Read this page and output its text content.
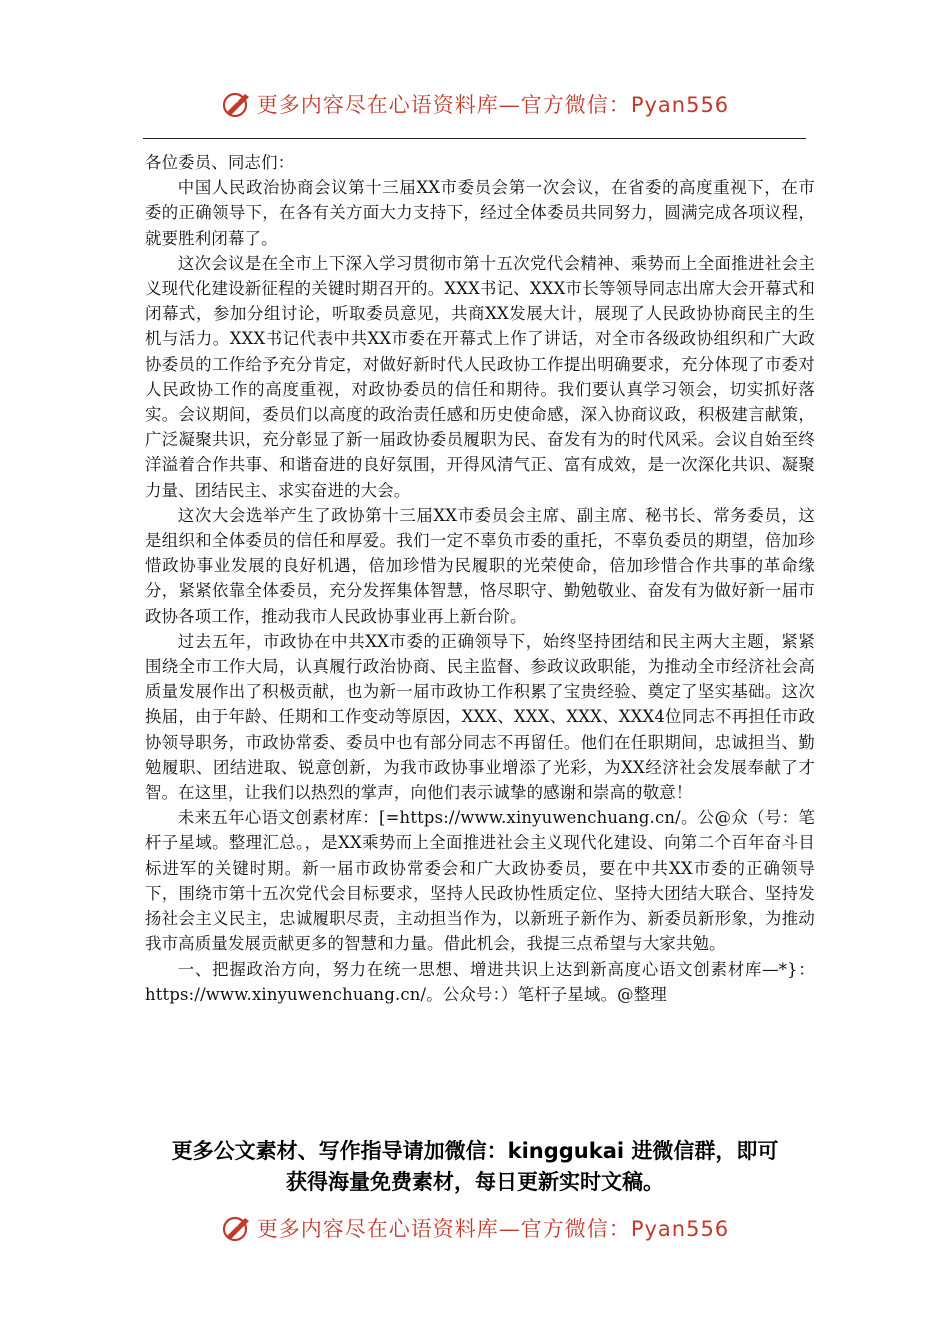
更多内容尽在心语资料库—官方微信：Pyan556

各位委员、同志们：

中国人民政治协商会议第十三届XX市委员会第一次会议，在省委的高度重视下，在市委的正确领导下，在各有关方面大力支持下，经过全体委员共同努力，圆满完成各项议程，就要胜利闭幕了。

这次会议是在全市上下深入学习贯彻市第十五次党代会精神、乘势而上全面推进社会主义现代化建设新征程的关键时期召开的。XXX书记、XXX市长等领导同志出席大会开幕式和闭幕式，参加分组讨论，听取委员意见，共商XX发展大计，展现了人民政协协商民主的生机与活力。XXX书记代表中共XX市委在开幕式上作了讲话，对全市各级政协组织和广大政协委员的工作给予充分肯定，对做好新时代人民政协工作提出明确要求，充分体现了市委对人民政协工作的高度重视，对政协委员的信任和期待。我们要认真学习领会，切实抓好落实。会议期间，委员们以高度的政治责任感和历史使命感，深入协商议政，积极建言献策，广泛凝聚共识，充分彰显了新一届政协委员履职为民、奋发有为的时代风采。会议自始至终洋溢着合作共事、和谐奋进的良好氛围，开得风清气正、富有成效，是一次深化共识、凝聚力量、团结民主、求实奋进的大会。

这次大会选举产生了政协第十三届XX市委员会主席、副主席、秘书长、常务委员，这是组织和全体委员的信任和厚爱。我们一定不辜负市委的重托，不辜负委员的期望，倍加珍惜政协事业发展的良好机遇，倍加珍惜为民履职的光荣使命，倍加珍惜合作共事的革命缘分，紧紧依靠全体委员，充分发挥集体智慧，恪尽职守、勤勉敬业、奋发有为做好新一届市政协各项工作，推动我市人民政协事业再上新台阶。

过去五年，市政协在中共XX市委的正确领导下，始终坚持团结和民主两大主题，紧紧围绕全市工作大局，认真履行政治协商、民主监督、参政议政职能，为推动全市经济社会高质量发展作出了积极贡献，也为新一届市政协工作积累了宝贵经验、奠定了坚实基础。这次换届，由于年龄、任期和工作变动等原因，XXX、XXX、XXX、XXX4位同志不再担任市政协领导职务，市政协常委、委员中也有部分同志不再留任。他们在任职期间，忠诚担当、勤勉履职、团结进取、锐意创新，为我市政协事业增添了光彩，为XX经济社会发展奉献了才智。在这里，让我们以热烈的掌声，向他们表示诚挚的感谢和崇高的敬意！

未来五年心语文创素材库：[=https://www.xinyuwenchuang.cn/。公@众（号：笔杆子星域。整理汇总。，是XX乘势而上全面推进社会主义现代化建设、向第二个百年奋斗目标进军的关键时期。新一届市政协常委会和广大政协委员，要在中共XX市委的正确领导下，围绕市第十五次党代会目标要求，坚持人民政协性质定位、坚持大团结大联合、坚持发扬社会主义民主，忠诚履职尽责，主动担当作为，以新班子新作为、新委员新形象，为推动我市高质量发展贡献更多的智慧和力量。借此机会，我提三点希望与大家共勉。

一、把握政治方向，努力在统一思想、增进共识上达到新高度心语文创素材库—*}：https://www.xinyuwenchuang.cn/。公众号：）笔杆子星域。@整理

更多公文素材、写作指导请加微信：kinggukai 进微信群，即可
获得海量免费素材，每日更新实时文稿。
更多内容尽在心语资料库—官方微信：Pyan556
